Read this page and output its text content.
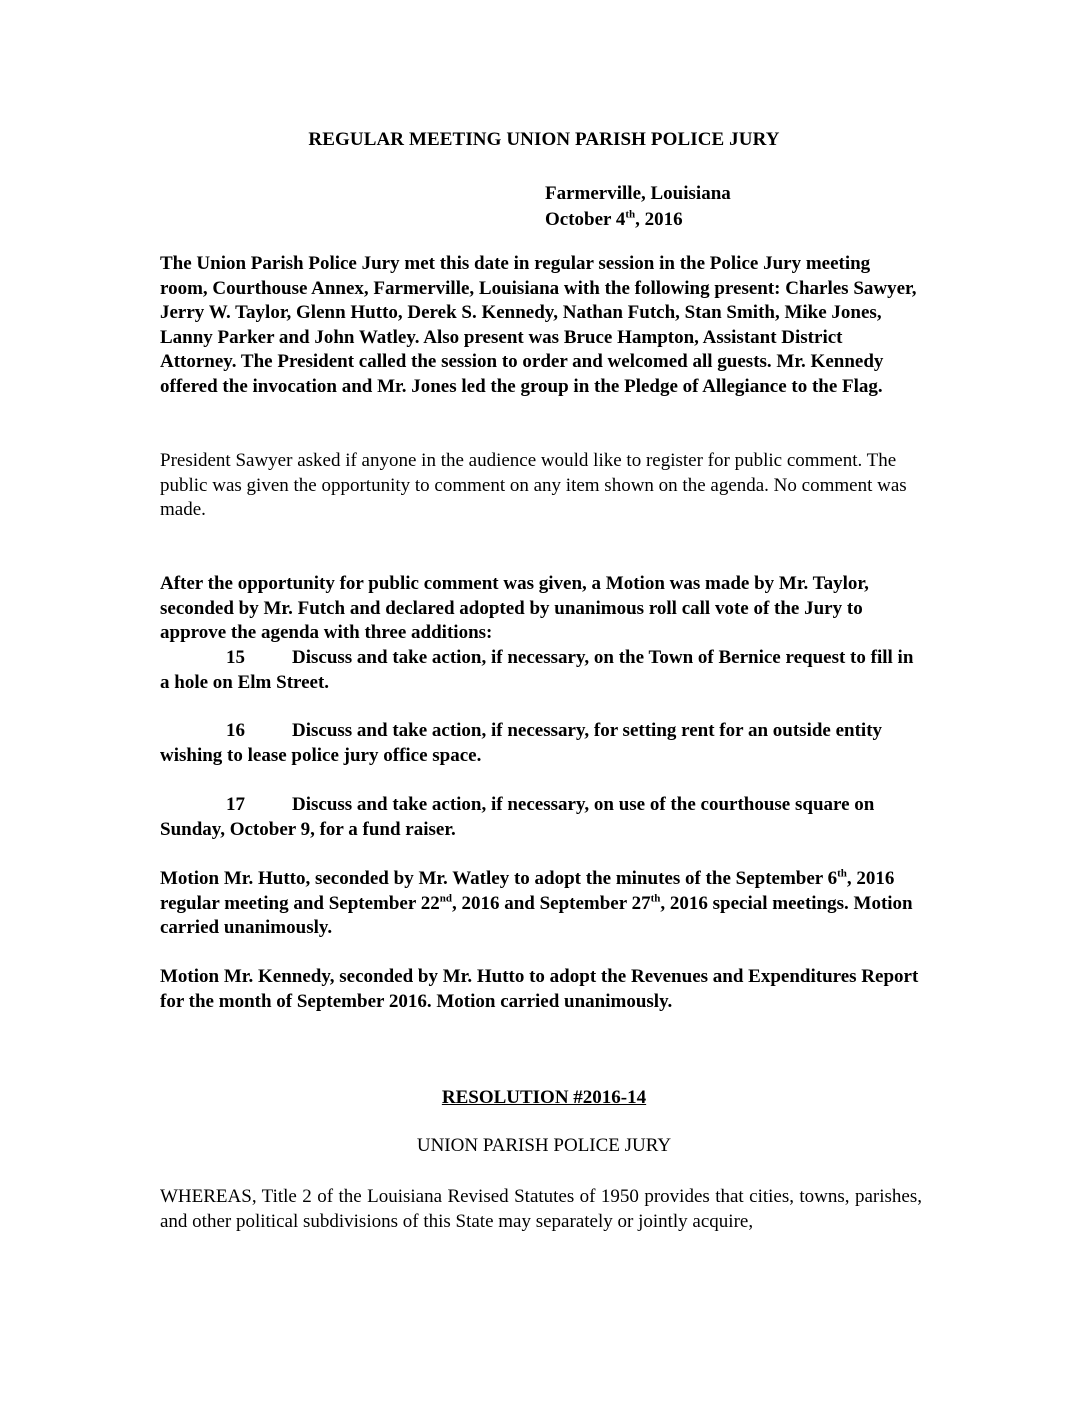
REGULAR MEETING UNION PARISH POLICE JURY
Farmerville, Louisiana
October 4th, 2016

The Union Parish Police Jury met this date in regular session in the Police Jury meeting room, Courthouse Annex, Farmerville, Louisiana with the following present: Charles Sawyer, Jerry W. Taylor, Glenn Hutto, Derek S. Kennedy, Nathan Futch, Stan Smith, Mike Jones, Lanny Parker and John Watley. Also present was Bruce Hampton, Assistant District Attorney. The President called the session to order and welcomed all guests. Mr. Kennedy offered the invocation and Mr. Jones led the group in the Pledge of Allegiance to the Flag.

President Sawyer asked if anyone in the audience would like to register for public comment. The public was given the opportunity to comment on any item shown on the agenda. No comment was made.

After the opportunity for public comment was given, a Motion was made by Mr. Taylor, seconded by Mr. Futch and declared adopted by unanimous roll call vote of the Jury to approve the agenda with three additions:

15 Discuss and take action, if necessary, on the Town of Bernice request to fill in a hole on Elm Street.

16 Discuss and take action, if necessary, for setting rent for an outside entity wishing to lease police jury office space.

17 Discuss and take action, if necessary, on use of the courthouse square on Sunday, October 9, for a fund raiser.

Motion Mr. Hutto, seconded by Mr. Watley to adopt the minutes of the September 6th, 2016 regular meeting and September 22nd, 2016 and September 27th, 2016 special meetings. Motion carried unanimously.

Motion Mr. Kennedy, seconded by Mr. Hutto to adopt the Revenues and Expenditures Report for the month of September 2016. Motion carried unanimously.

RESOLUTION #2016-14
UNION PARISH POLICE JURY

WHEREAS, Title 2 of the Louisiana Revised Statutes of 1950 provides that cities, towns, parishes, and other political subdivisions of this State may separately or jointly acquire,
